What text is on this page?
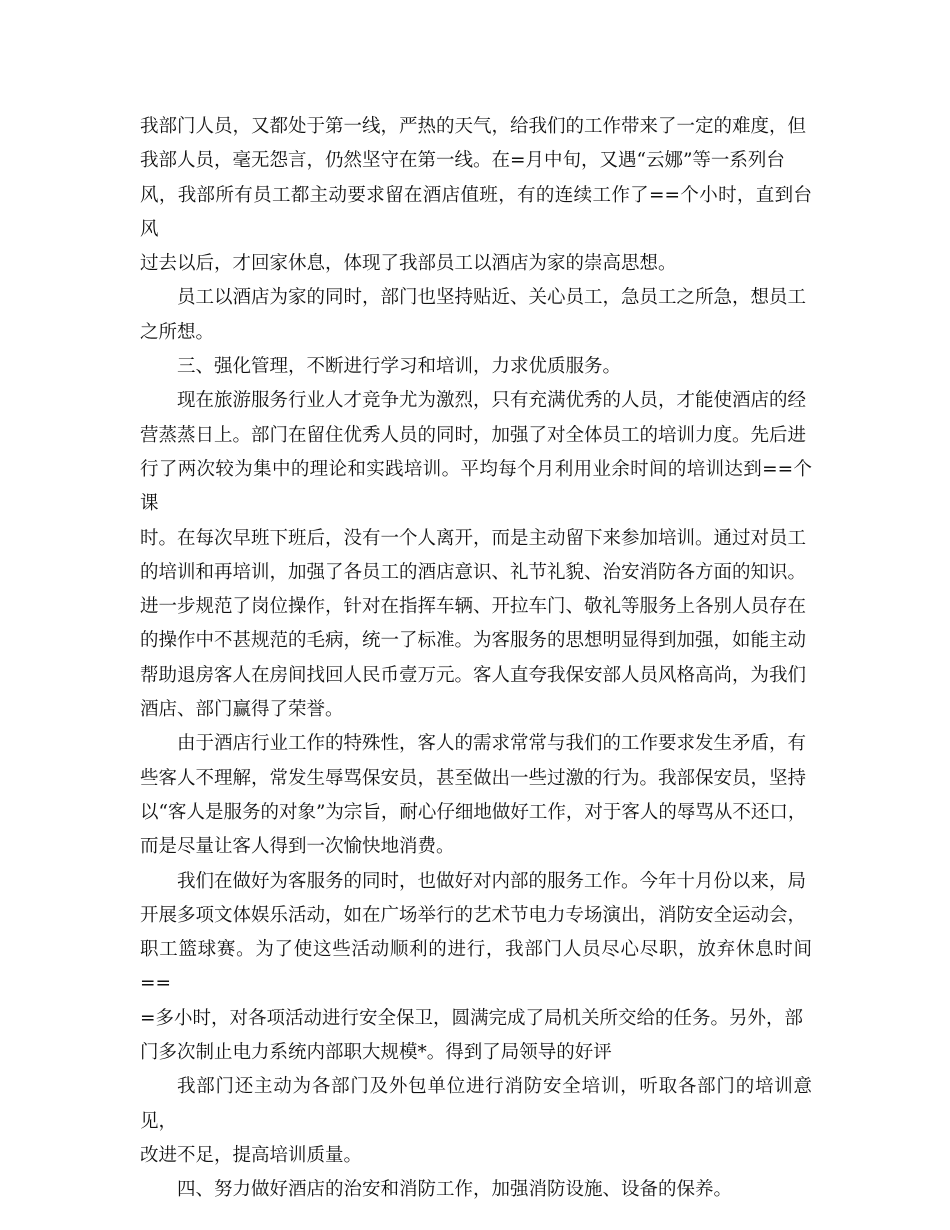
我部门人员，又都处于第一线，严热的天气，给我们的工作带来了一定的难度，但
我部人员，毫无怨言，仍然坚守在第一线。在=月中旬，又遇“云娜”等一系列台
风，我部所有员工都主动要求留在酒店值班，有的连续工作了==个小时，直到台风
过去以后，才回家休息，体现了我部员工以酒店为家的崇高思想。

员工以酒店为家的同时，部门也坚持贴近、关心员工，急员工之所急，想员工
之所想。

三、强化管理，不断进行学习和培训，力求优质服务。

现在旅游服务行业人才竞争尤为激烈，只有充满优秀的人员，才能使酒店的经
营蒸蒸日上。部门在留住优秀人员的同时，加强了对全体员工的培训力度。先后进
行了两次较为集中的理论和实践培训。平均每个月利用业余时间的培训达到==个课
时。在每次早班下班后，没有一个人离开，而是主动留下来参加培训。通过对员工
的培训和再培训，加强了各员工的酒店意识、礼节礼貌、治安消防各方面的知识。
进一步规范了岗位操作，针对在指挥车辆、开拉车门、敬礼等服务上各别人员存在
的操作中不甚规范的毛病，统一了标准。为客服务的思想明显得到加强，如能主动
帮助退房客人在房间找回人民币壹万元。客人直夸我保安部人员风格高尚，为我们
酒店、部门赢得了荣誉。

由于酒店行业工作的特殊性，客人的需求常常与我们的工作要求发生矛盾，有
些客人不理解，常发生辱骂保安员，甚至做出一些过激的行为。我部保安员，坚持
以“客人是服务的对象”为宗旨，耐心仔细地做好工作，对于客人的辱骂从不还口，
而是尽量让客人得到一次愉快地消费。

我们在做好为客服务的同时，也做好对内部的服务工作。今年十月份以来，局
开展多项文体娱乐活动，如在广场举行的艺术节电力专场演出，消防安全运动会，
职工篮球赛。为了使这些活动顺利的进行，我部门人员尽心尽职，放弃休息时间==
=多小时，对各项活动进行安全保卫，圆满完成了局机关所交给的任务。另外，部
门多次制止电力系统内部职大规模*。得到了局领导的好评

我部门还主动为各部门及外包单位进行消防安全培训，听取各部门的培训意见，
改进不足，提高培训质量。

四、努力做好酒店的治安和消防工作，加强消防设施、设备的保养。
